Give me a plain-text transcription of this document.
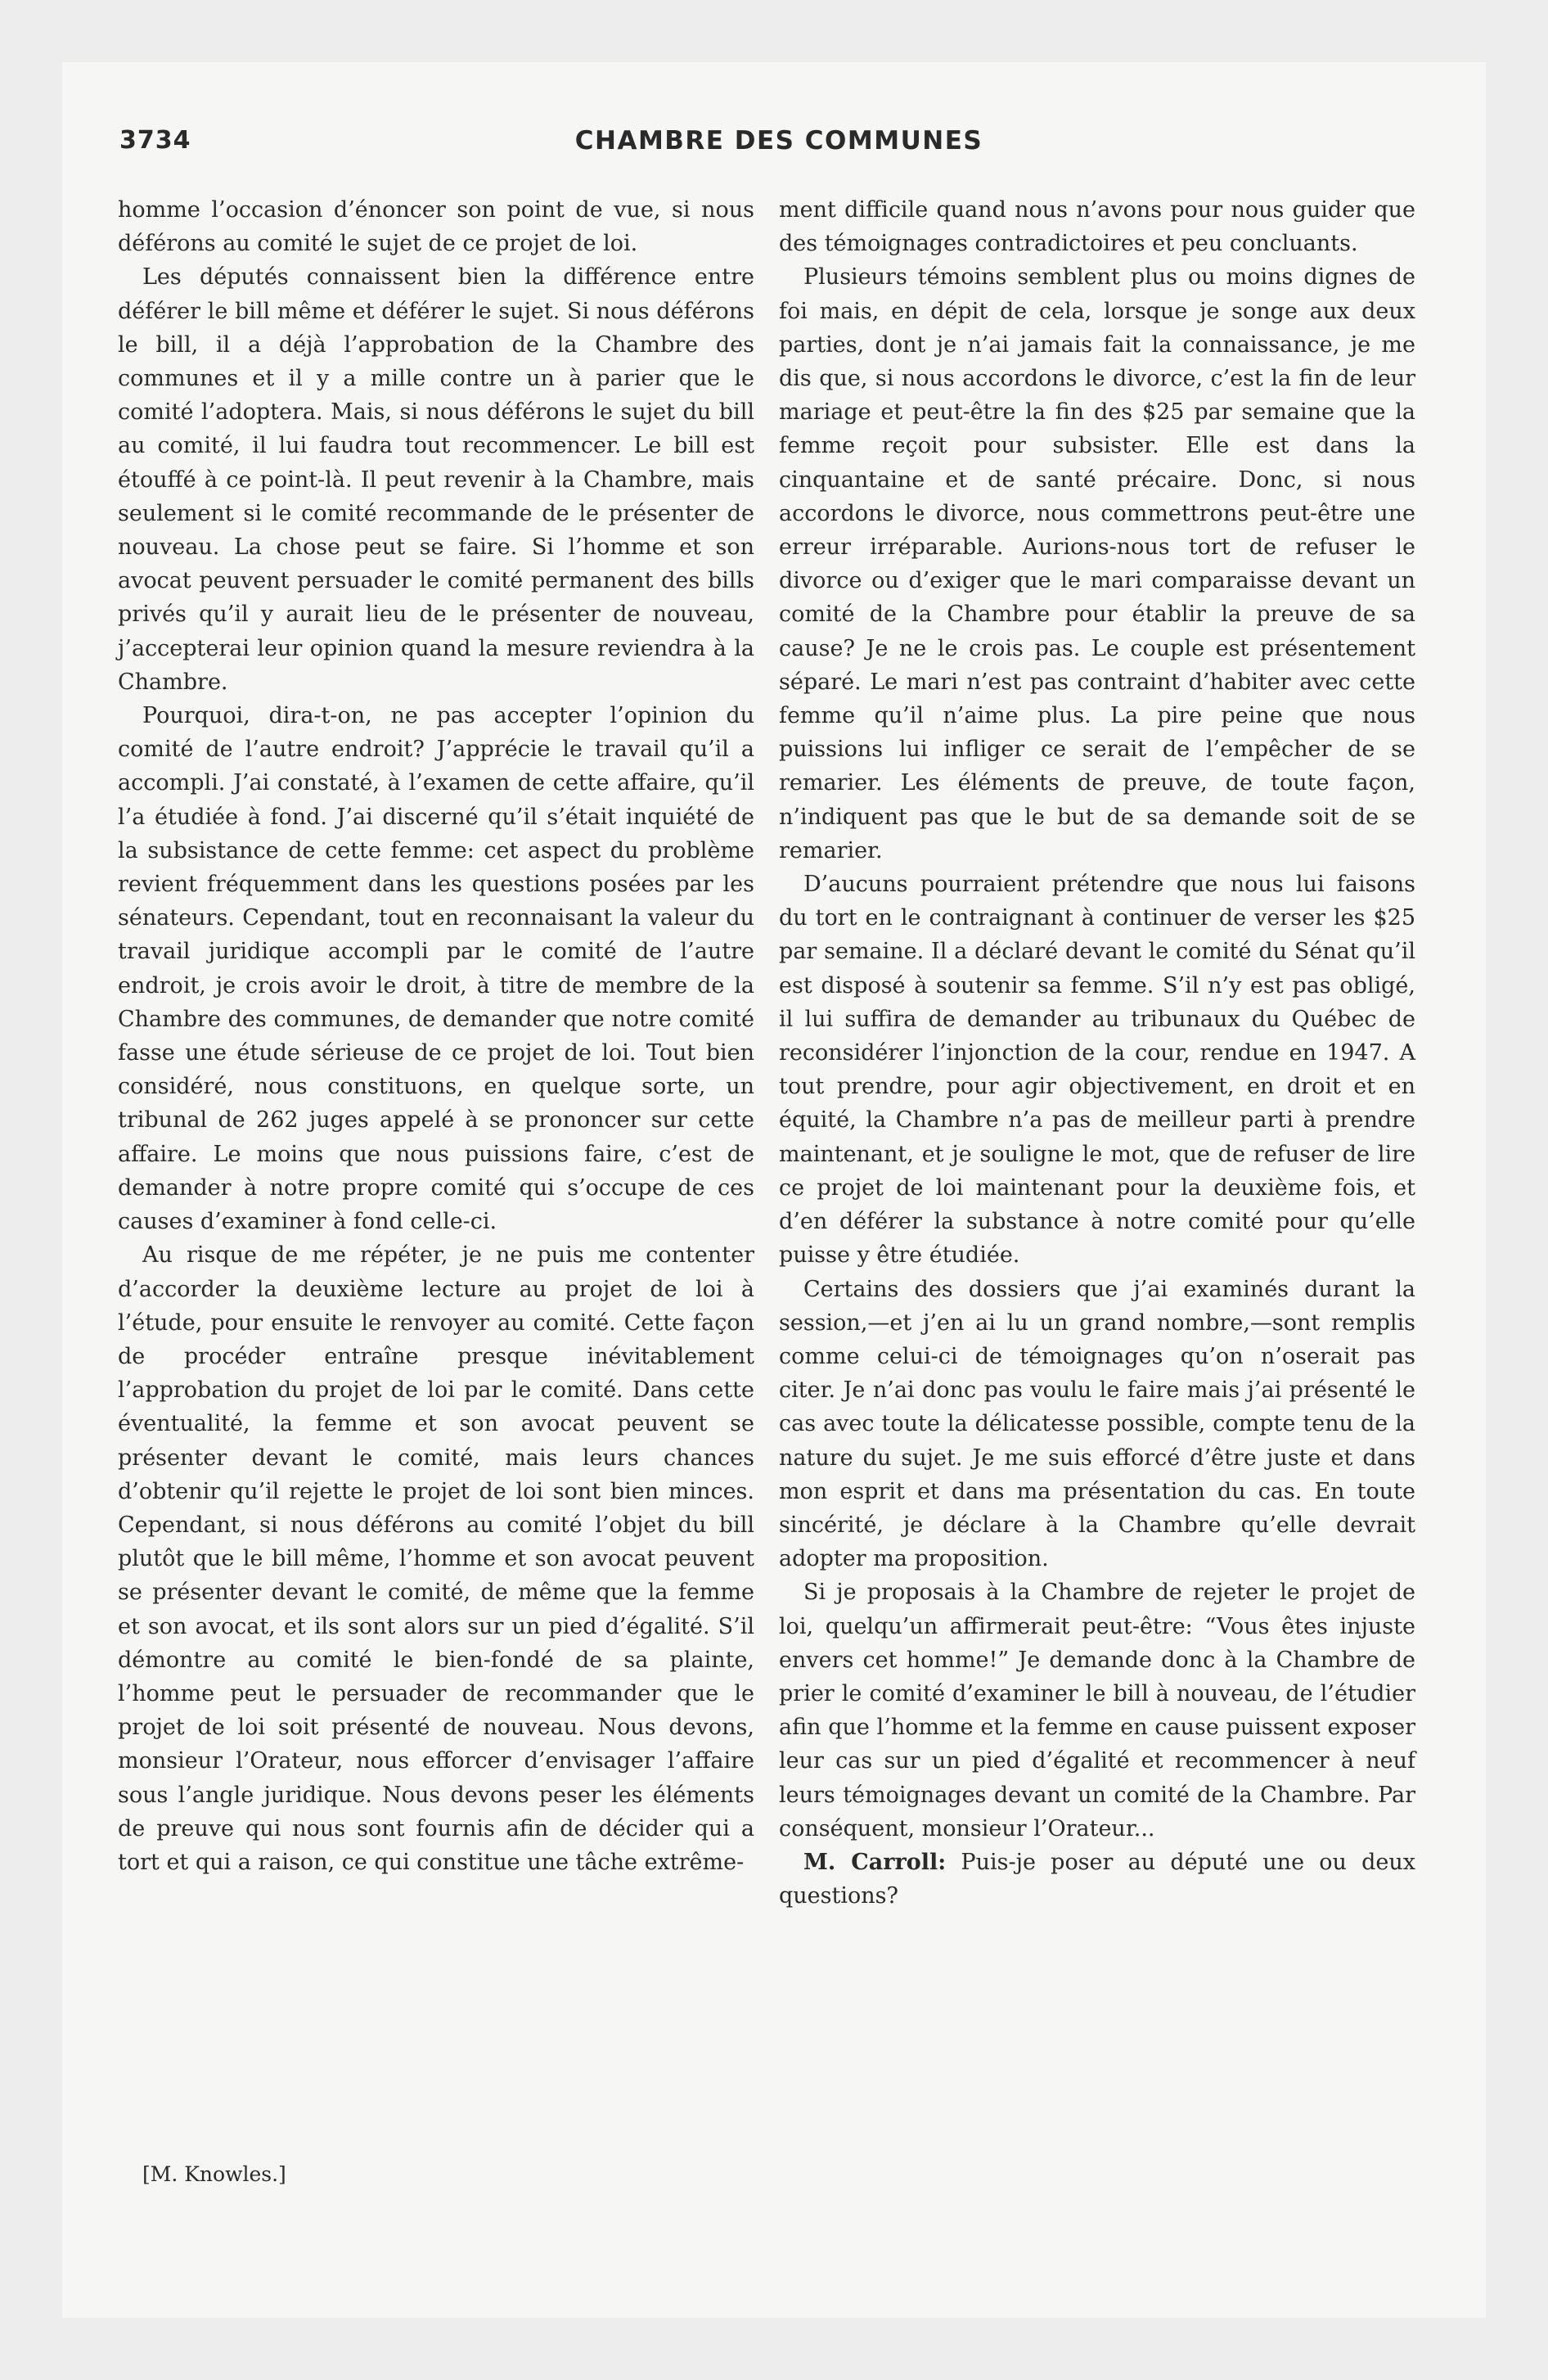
3734	CHAMBRE DES COMMUNES

homme l’occasion d’énoncer son point de vue, si nous déférons au comité le sujet de ce projet de loi.

Les députés connaissent bien la différence entre déférer le bill même et déférer le sujet. Si nous déférons le bill, il a déjà l’approbation de la Chambre des communes et il y a mille contre un à parier que le comité l’adoptera. Mais, si nous déférons le sujet du bill au comité, il lui faudra tout recommencer. Le bill est étouffé à ce point-là. Il peut revenir à la Chambre, mais seulement si le comité recommande de le présenter de nouveau. La chose peut se faire. Si l’homme et son avocat peuvent persuader le comité permanent des bills privés qu’il y aurait lieu de le présenter de nouveau, j’accepterai leur opinion quand la mesure reviendra à la Chambre.

Pourquoi, dira-t-on, ne pas accepter l’opinion du comité de l’autre endroit? J’apprécie le travail qu’il a accompli. J’ai constaté, à l’examen de cette affaire, qu’il l’a étudiée à fond. J’ai discerné qu’il s’était inquiété de la subsistance de cette femme: cet aspect du problème revient fréquemment dans les questions posées par les sénateurs. Cependant, tout en reconnaisant la valeur du travail juridique accompli par le comité de l’autre endroit, je crois avoir le droit, à titre de membre de la Chambre des communes, de demander que notre comité fasse une étude sérieuse de ce projet de loi. Tout bien considéré, nous constituons, en quelque sorte, un tribunal de 262 juges appelé à se prononcer sur cette affaire. Le moins que nous puissions faire, c’est de demander à notre propre comité qui s’occupe de ces causes d’examiner à fond celle-ci.

Au risque de me répéter, je ne puis me contenter d’accorder la deuxième lecture au projet de loi à l’étude, pour ensuite le renvoyer au comité. Cette façon de procéder entraîne presque inévitablement l’approbation du projet de loi par le comité. Dans cette éventualité, la femme et son avocat peuvent se présenter devant le comité, mais leurs chances d’obtenir qu’il rejette le projet de loi sont bien minces. Cependant, si nous déférons au comité l’objet du bill plutôt que le bill même, l’homme et son avocat peuvent se présenter devant le comité, de même que la femme et son avocat, et ils sont alors sur un pied d’égalité. S’il démontre au comité le bien-fondé de sa plainte, l’homme peut le persuader de recommander que le projet de loi soit présenté de nouveau. Nous devons, monsieur l’Orateur, nous efforcer d’envisager l’affaire sous l’angle juridique. Nous devons peser les éléments de preuve qui nous sont fournis afin de décider qui a tort et qui a raison, ce qui constitue une tâche extrême-

ment difficile quand nous n’avons pour nous guider que des témoignages contradictoires et peu concluants.

Plusieurs témoins semblent plus ou moins dignes de foi mais, en dépit de cela, lorsque je songe aux deux parties, dont je n’ai jamais fait la connaissance, je me dis que, si nous accordons le divorce, c’est la fin de leur mariage et peut-être la fin des $25 par semaine que la femme reçoit pour subsister. Elle est dans la cinquantaine et de santé précaire. Donc, si nous accordons le divorce, nous commettrons peut-être une erreur irréparable. Aurions-nous tort de refuser le divorce ou d’exiger que le mari comparaisse devant un comité de la Chambre pour établir la preuve de sa cause? Je ne le crois pas. Le couple est présentement séparé. Le mari n’est pas contraint d’habiter avec cette femme qu’il n’aime plus. La pire peine que nous puissions lui infliger ce serait de l’empêcher de se remarier. Les éléments de preuve, de toute façon, n’indiquent pas que le but de sa demande soit de se remarier.

D’aucuns pourraient prétendre que nous lui faisons du tort en le contraignant à continuer de verser les $25 par semaine. Il a déclaré devant le comité du Sénat qu’il est disposé à soutenir sa femme. S’il n’y est pas obligé, il lui suffira de demander au tribunaux du Québec de reconsidérer l’injonction de la cour, rendue en 1947. A tout prendre, pour agir objectivement, en droit et en équité, la Chambre n’a pas de meilleur parti à prendre maintenant, et je souligne le mot, que de refuser de lire ce projet de loi maintenant pour la deuxième fois, et d’en déférer la substance à notre comité pour qu’elle puisse y être étudiée.

Certains des dossiers que j’ai examinés durant la session,—et j’en ai lu un grand nombre,—sont remplis comme celui-ci de témoignages qu’on n’oserait pas citer. Je n’ai donc pas voulu le faire mais j’ai présenté le cas avec toute la délicatesse possible, compte tenu de la nature du sujet. Je me suis efforcé d’être juste et dans mon esprit et dans ma présentation du cas. En toute sincérité, je déclare à la Chambre qu’elle devrait adopter ma proposition.

Si je proposais à la Chambre de rejeter le projet de loi, quelqu’un affirmerait peut-être: “Vous êtes injuste envers cet homme!” Je demande donc à la Chambre de prier le comité d’examiner le bill à nouveau, de l’étudier afin que l’homme et la femme en cause puissent exposer leur cas sur un pied d’égalité et recommencer à neuf leurs témoignages devant un comité de la Chambre. Par conséquent, monsieur l’Orateur...

M. Carroll: Puis-je poser au député une ou deux questions?

[M. Knowles.]
